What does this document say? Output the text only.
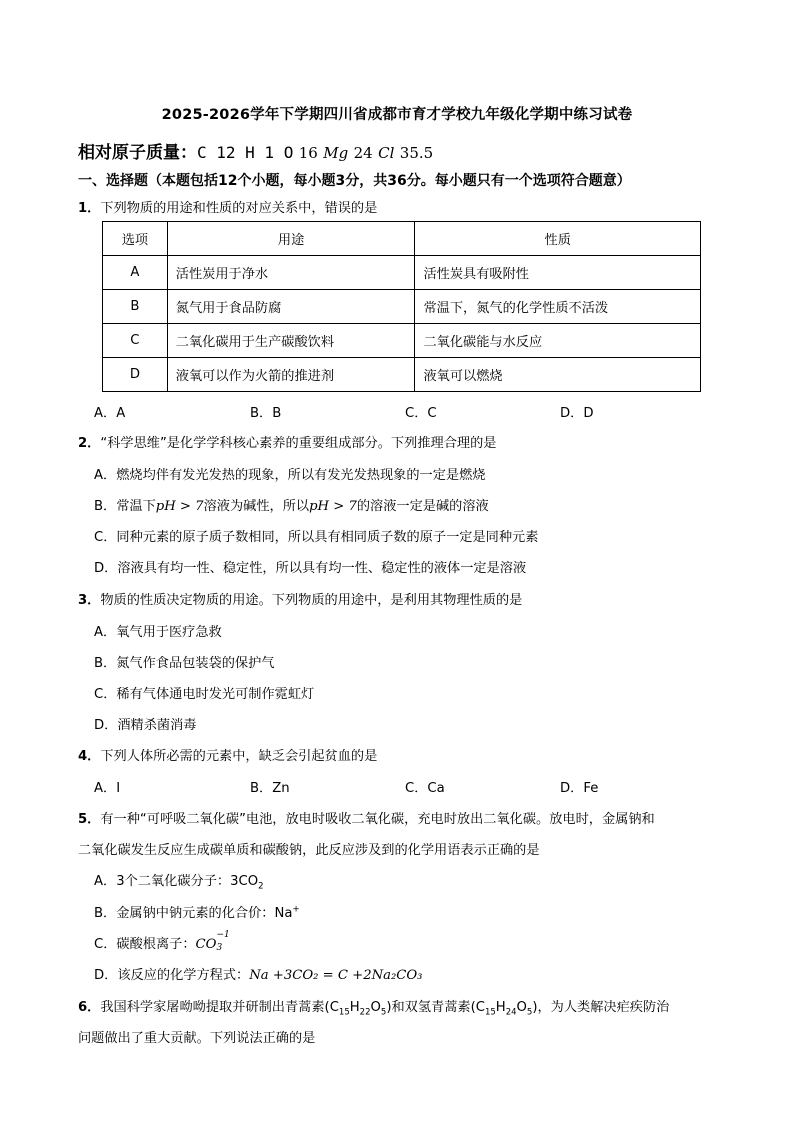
2025-2026学年下学期四川省成都市育才学校九年级化学期中练习试卷
相对原子质量：C 12 H 1 O 16 Mg 24 Cl 35.5
一、选择题（本题包括12个小题，每小题3分，共36分。每小题只有一个选项符合题意）
1．下列物质的用途和性质的对应关系中，错误的是
选项	用途	性质
A	活性炭用于净水	活性炭具有吸附性
B	氮气用于食品防腐	常温下，氮气的化学性质不活泼
C	二氧化碳用于生产碳酸饮料	二氧化碳能与水反应
D	液氧可以作为火箭的推进剂	液氧可以燃烧
A．A	B．B	C．C	D．D
2．“科学思维”是化学学科核心素养的重要组成部分。下列推理合理的是
A．燃烧均伴有发光发热的现象，所以有发光发热现象的一定是燃烧
B．常温下pH > 7溶液为碱性，所以pH > 7的溶液一定是碱的溶液
C．同种元素的原子质子数相同，所以具有相同质子数的原子一定是同种元素
D．溶液具有均一性、稳定性，所以具有均一性、稳定性的液体一定是溶液
3．物质的性质决定物质的用途。下列物质的用途中，是利用其物理性质的是
A．氧气用于医疗急救
B．氮气作食品包装袋的保护气
C．稀有气体通电时发光可制作霓虹灯
D．酒精杀菌消毒
4．下列人体所必需的元素中，缺乏会引起贫血的是
A．I	B．Zn	C．Ca	D．Fe
5．有一种“可呼吸二氧化碳”电池，放电时吸收二氧化碳，充电时放出二氧化碳。放电时，金属钠和
二氧化碳发生反应生成碳单质和碳酸钠，此反应涉及到的化学用语表示正确的是
A．3个二氧化碳分子：$3CO_2$
B．金属钠中钠元素的化合价：Na+
C．碳酸根离子：CO
−1
3
D．该反应的化学方程式：Na +3CO₂ = C +2Na₂CO₃
6．我国科学家屠呦呦提取并研制出青蒿素$(C_{15}H_{22}O_5)$和双氢青蒿素$(C_{15}H_{24}O_5)$，为人类解决疟疾防治
问题做出了重大贡献。下列说法正确的是
